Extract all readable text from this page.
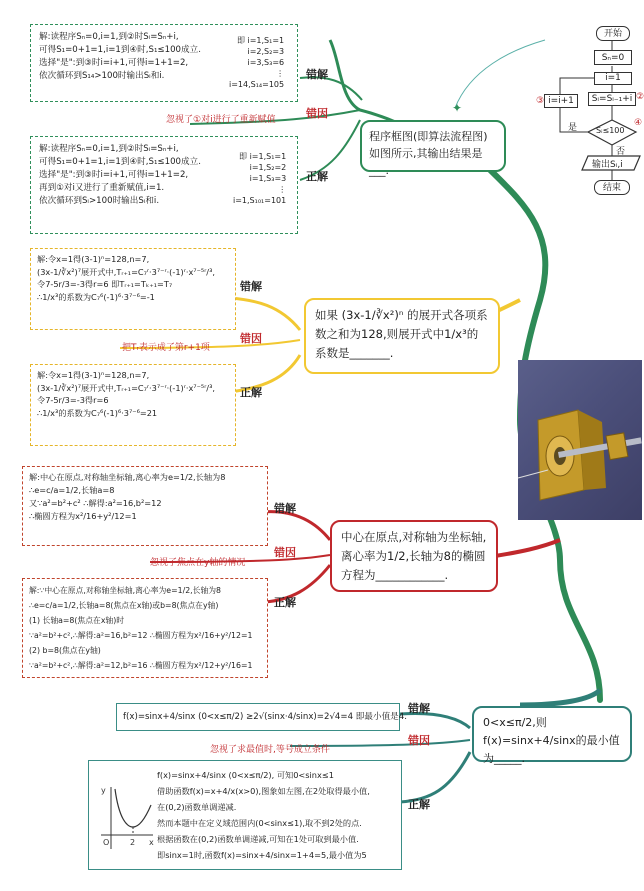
✦
解:读程序Sₙ=0,i=1,到②时Sᵢ=Sₙ+i,
可得S₁=0+1=1,i=1到④时,S₁≤100成立.
选择"是":到③时i=i+1,可得i=1+1=2,
依次循环到S₁₄>100时输出Sᵢ和i.
即 i=1,S₁=1
i=2,S₂=3
i=3,S₃=6
⋮
i=14,S₁₄=105
错解
错因
忽视了①对i进行了重新赋值
正解
解:读程序Sₙ=0,i=1,到②时Sᵢ=Sₙ+i,
可得S₁=0+1=1,i=1到④时,S₁≤100成立.
选择"是":到③时i=i+1,可得i=1+1=2,
再到①对i又进行了重新赋值,i=1.
依次循环到Sᵢ>100时输出Sᵢ和i.
即 i=1,S₁=1
i=1,S₂=2
i=1,S₃=3
⋮
i=1,S₁₀₁=101
程序框图(即算法流程图)如图所示,其输出结果是___.
开始
Sₙ=0
i=1
③ i=i+1	Sᵢ=Sᵢ₋₁+i ②
Sᵢ≤100
④
是
否
输出Sᵢ,i
结束
解:令x=1得(3-1)ⁿ=128,n=7,
(3x-1/∛x²)⁷展开式中,Tᵣ₊₁=C₇ʳ·3⁷⁻ʳ·(-1)ʳ·x⁷⁻⁵ʳ/³,
令7-5r/3=-3得r=6 即Tᵣ₊₁=Tₖ₊₁=T₇
∴1/x³的系数为C₇⁶(-1)⁶·3⁷⁻⁶=-1
错解
错因
把Tᵣ表示成了第r+1项
正解
解:令x=1得(3-1)ⁿ=128,n=7,
(3x-1/∛x²)⁷展开式中,Tᵣ₊₁=C₇ʳ·3⁷⁻ʳ·(-1)ʳ·x⁷⁻⁵ʳ/³,
令7-5r/3=-3得r=6
∴1/x³的系数为C₇⁶(-1)⁶·3⁷⁻⁶=21
如果 (3x-1/∛x²)ⁿ 的展开式各项系数之和为128,则展开式中1/x³的系数是_______.
解:中心在原点,对称轴坐标轴,离心率为e=1/2,长轴为8
∴e=c/a=1/2,长轴a=8
又∵a²=b²+c² ∴解得:a²=16,b²=12
∴椭圆方程为x²/16+y²/12=1
错解
错因
忽视了焦点在y轴的情况
正解
解:∵中心在原点,对称轴坐标轴,离心率为e=1/2,长轴为8
∴e=c/a=1/2,长轴a=8(焦点在x轴)或b=8(焦点在y轴)
(1) 长轴a=8(焦点在x轴)时
∵a²=b²+c²,∴解得:a²=16,b²=12 ∴椭圆方程为x²/16+y²/12=1
(2) b=8(焦点在y轴)
∵a²=b²+c²,∴解得:a²=12,b²=16 ∴椭圆方程为x²/12+y²/16=1
中心在原点,对称轴为坐标轴,离心率为1/2,长轴为8的椭圆方程为____________.
f(x)=sinx+4/sinx (0<x≤π/2) ≥2√(sinx·4/sinx)=2√4=4 即最小值是4.
错解
错因
忽视了求最值时,等号成立条件
正解
y
x
O	2
f(x)=sinx+4/sinx (0<x≤π/2), 可知0<sinx≤1
借助函数f(x)=x+4/x(x>0),图象如左图,在2处取得最小值,
在(0,2)函数单调递减.
然而本题中在定义域范围内(0<sinx≤1),取不到2处的点.
根据函数在(0,2)函数单调递减,可知在1处可取到最小值.
即sinx=1时,函数f(x)=sinx+4/sinx=1+4=5,最小值为5
0<x≤π/2,则f(x)=sinx+4/sinx的最小值为_____.
